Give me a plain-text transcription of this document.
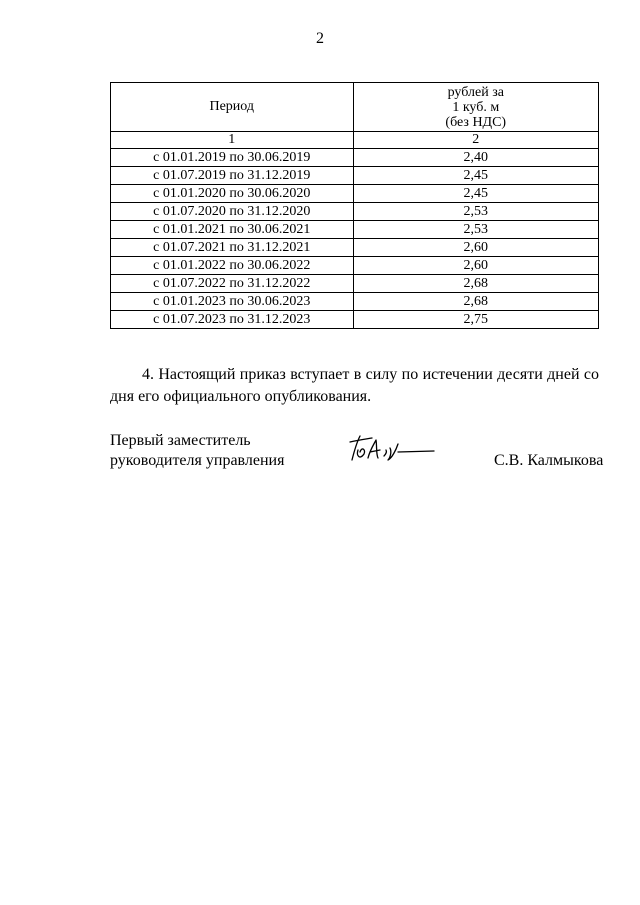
2
Период	рублей за
1 куб. м
(без НДС)

1	2
с 01.01.2019 по 30.06.2019	2,40
с 01.07.2019 по 31.12.2019	2,45
с 01.01.2020 по 30.06.2020	2,45
с 01.07.2020 по 31.12.2020	2,53
с 01.01.2021 по 30.06.2021	2,53
с 01.07.2021 по 31.12.2021	2,60
с 01.01.2022 по 30.06.2022	2,60
с 01.07.2022 по 31.12.2022	2,68
с 01.01.2023 по 30.06.2023	2,68
с 01.07.2023 по 31.12.2023	2,75
4. Настоящий приказ вступает в силу по истечении десяти дней со дня его официального опубликования.
Первый заместитель
руководителя управления	С.В. Калмыкова
